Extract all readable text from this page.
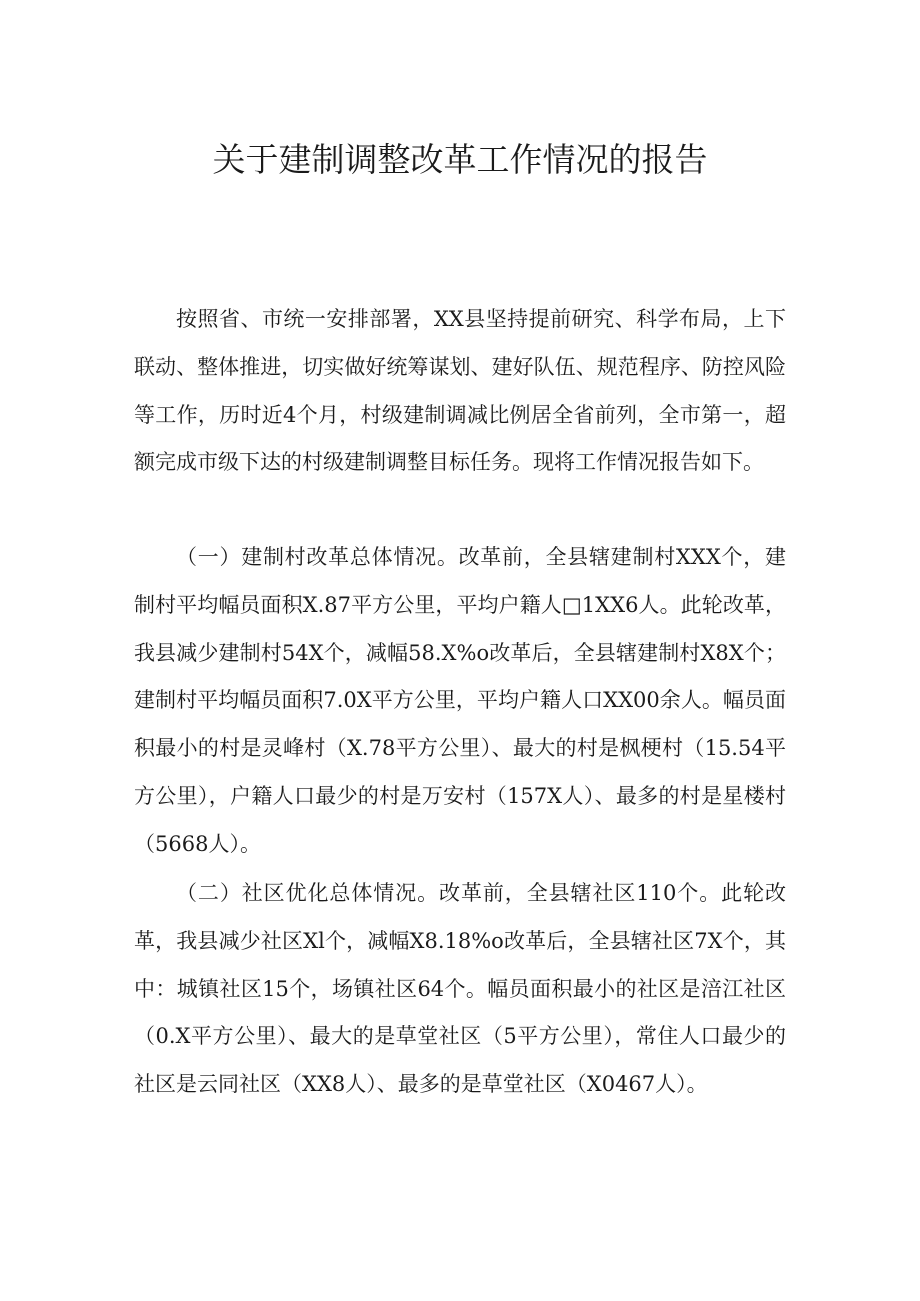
关于建制调整改革工作情况的报告

按照省、市统一安排部署，XX县坚持提前研究、科学布局，上下联动、整体推进，切实做好统筹谋划、建好队伍、规范程序、防控风险等工作，历时近4个月，村级建制调减比例居全省前列，全市第一，超额完成市级下达的村级建制调整目标任务。现将工作情况报告如下。

（一）建制村改革总体情况。改革前，全县辖建制村XXX个，建制村平均幅员面积X.87平方公里，平均户籍人□1XX6人。此轮改革，我县减少建制村54X个，减幅58.X%o改革后，全县辖建制村X8X个；建制村平均幅员面积7.0X平方公里，平均户籍人口XX00余人。幅员面积最小的村是灵峰村（X.78平方公里）、最大的村是枫梗村（15.54平方公里），户籍人口最少的村是万安村（157X人）、最多的村是星楼村（5668人）。

（二）社区优化总体情况。改革前，全县辖社区110个。此轮改革，我县减少社区Xl个，减幅X8.18%o改革后，全县辖社区7X个，其中：城镇社区15个，场镇社区64个。幅员面积最小的社区是涪江社区（0.X平方公里）、最大的是草堂社区（5平方公里），常住人口最少的社区是云同社区（XX8人）、最多的是草堂社区（X0467人）。
